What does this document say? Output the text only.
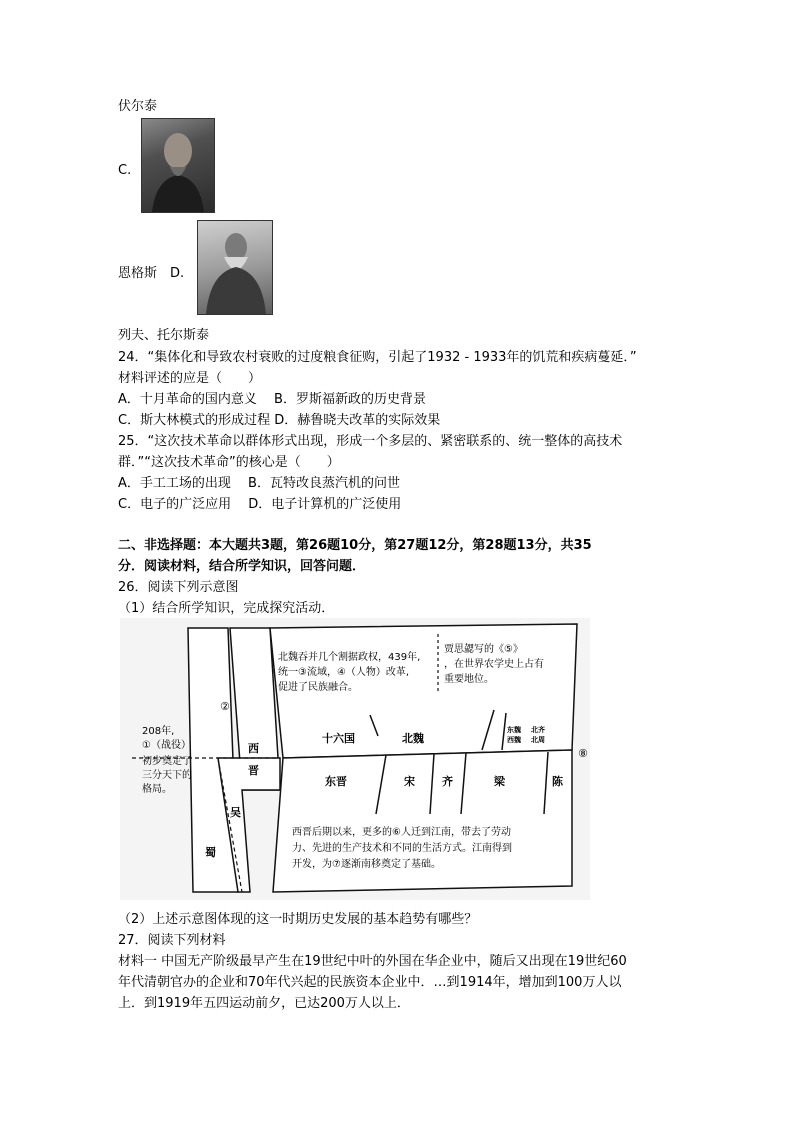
伏尔泰
C.
恩格斯　D.
列夫、托尔斯泰
24．“集体化和导致农村衰败的过度粮食征购，引起了1932 - 1933年的饥荒和疾病蔓延．”
材料评述的应是（　　）
A．十月革命的国内意义　 B．罗斯福新政的历史背景
C．斯大林模式的形成过程 D．赫鲁晓夫改革的实际效果
25．“这次技术革命以群体形式出现，形成一个多层的、紧密联系的、统一整体的高技术
群．”“这次技术革命”的核心是（　　）
A．手工工场的出现　 B．瓦特改良蒸汽机的问世
C．电子的广泛应用　 D．电子计算机的广泛使用
二、非选择题：本大题共3题，第26题10分，第27题12分，第28题13分，共35
分．阅读材料，结合所学知识，回答问题．
26．阅读下列示意图
（1）结合所学知识，完成探究活动．
②
⑧
208年,
①（战役）
初步奠定了
三分天下的
格局。
北魏吞并几个割据政权，439年,
统一③流域，④（人物）改革,
促进了民族融合。
贾思勰写的《⑤》
，在世界农学史上占有
重要地位。
西晋后期以来，更多的⑥人迁到江南，带去了劳动
力、先进的生产技术和不同的生活方式。江南得到
开发，为⑦逐渐南移奠定了基础。
十六国	北魏
西
晋
吴
蜀
东晋	宋 齐	梁	陈
东魏
西魏
北齐
北周
（2）上述示意图体现的这一时期历史发展的基本趋势有哪些？
27．阅读下列材料
材料一 中国无产阶级最早产生在19世纪中叶的外国在华企业中，随后又出现在19世纪60
年代清朝官办的企业和70年代兴起的民族资本企业中．…到1914年，增加到100万人以
上．到1919年五四运动前夕，已达200万人以上．
